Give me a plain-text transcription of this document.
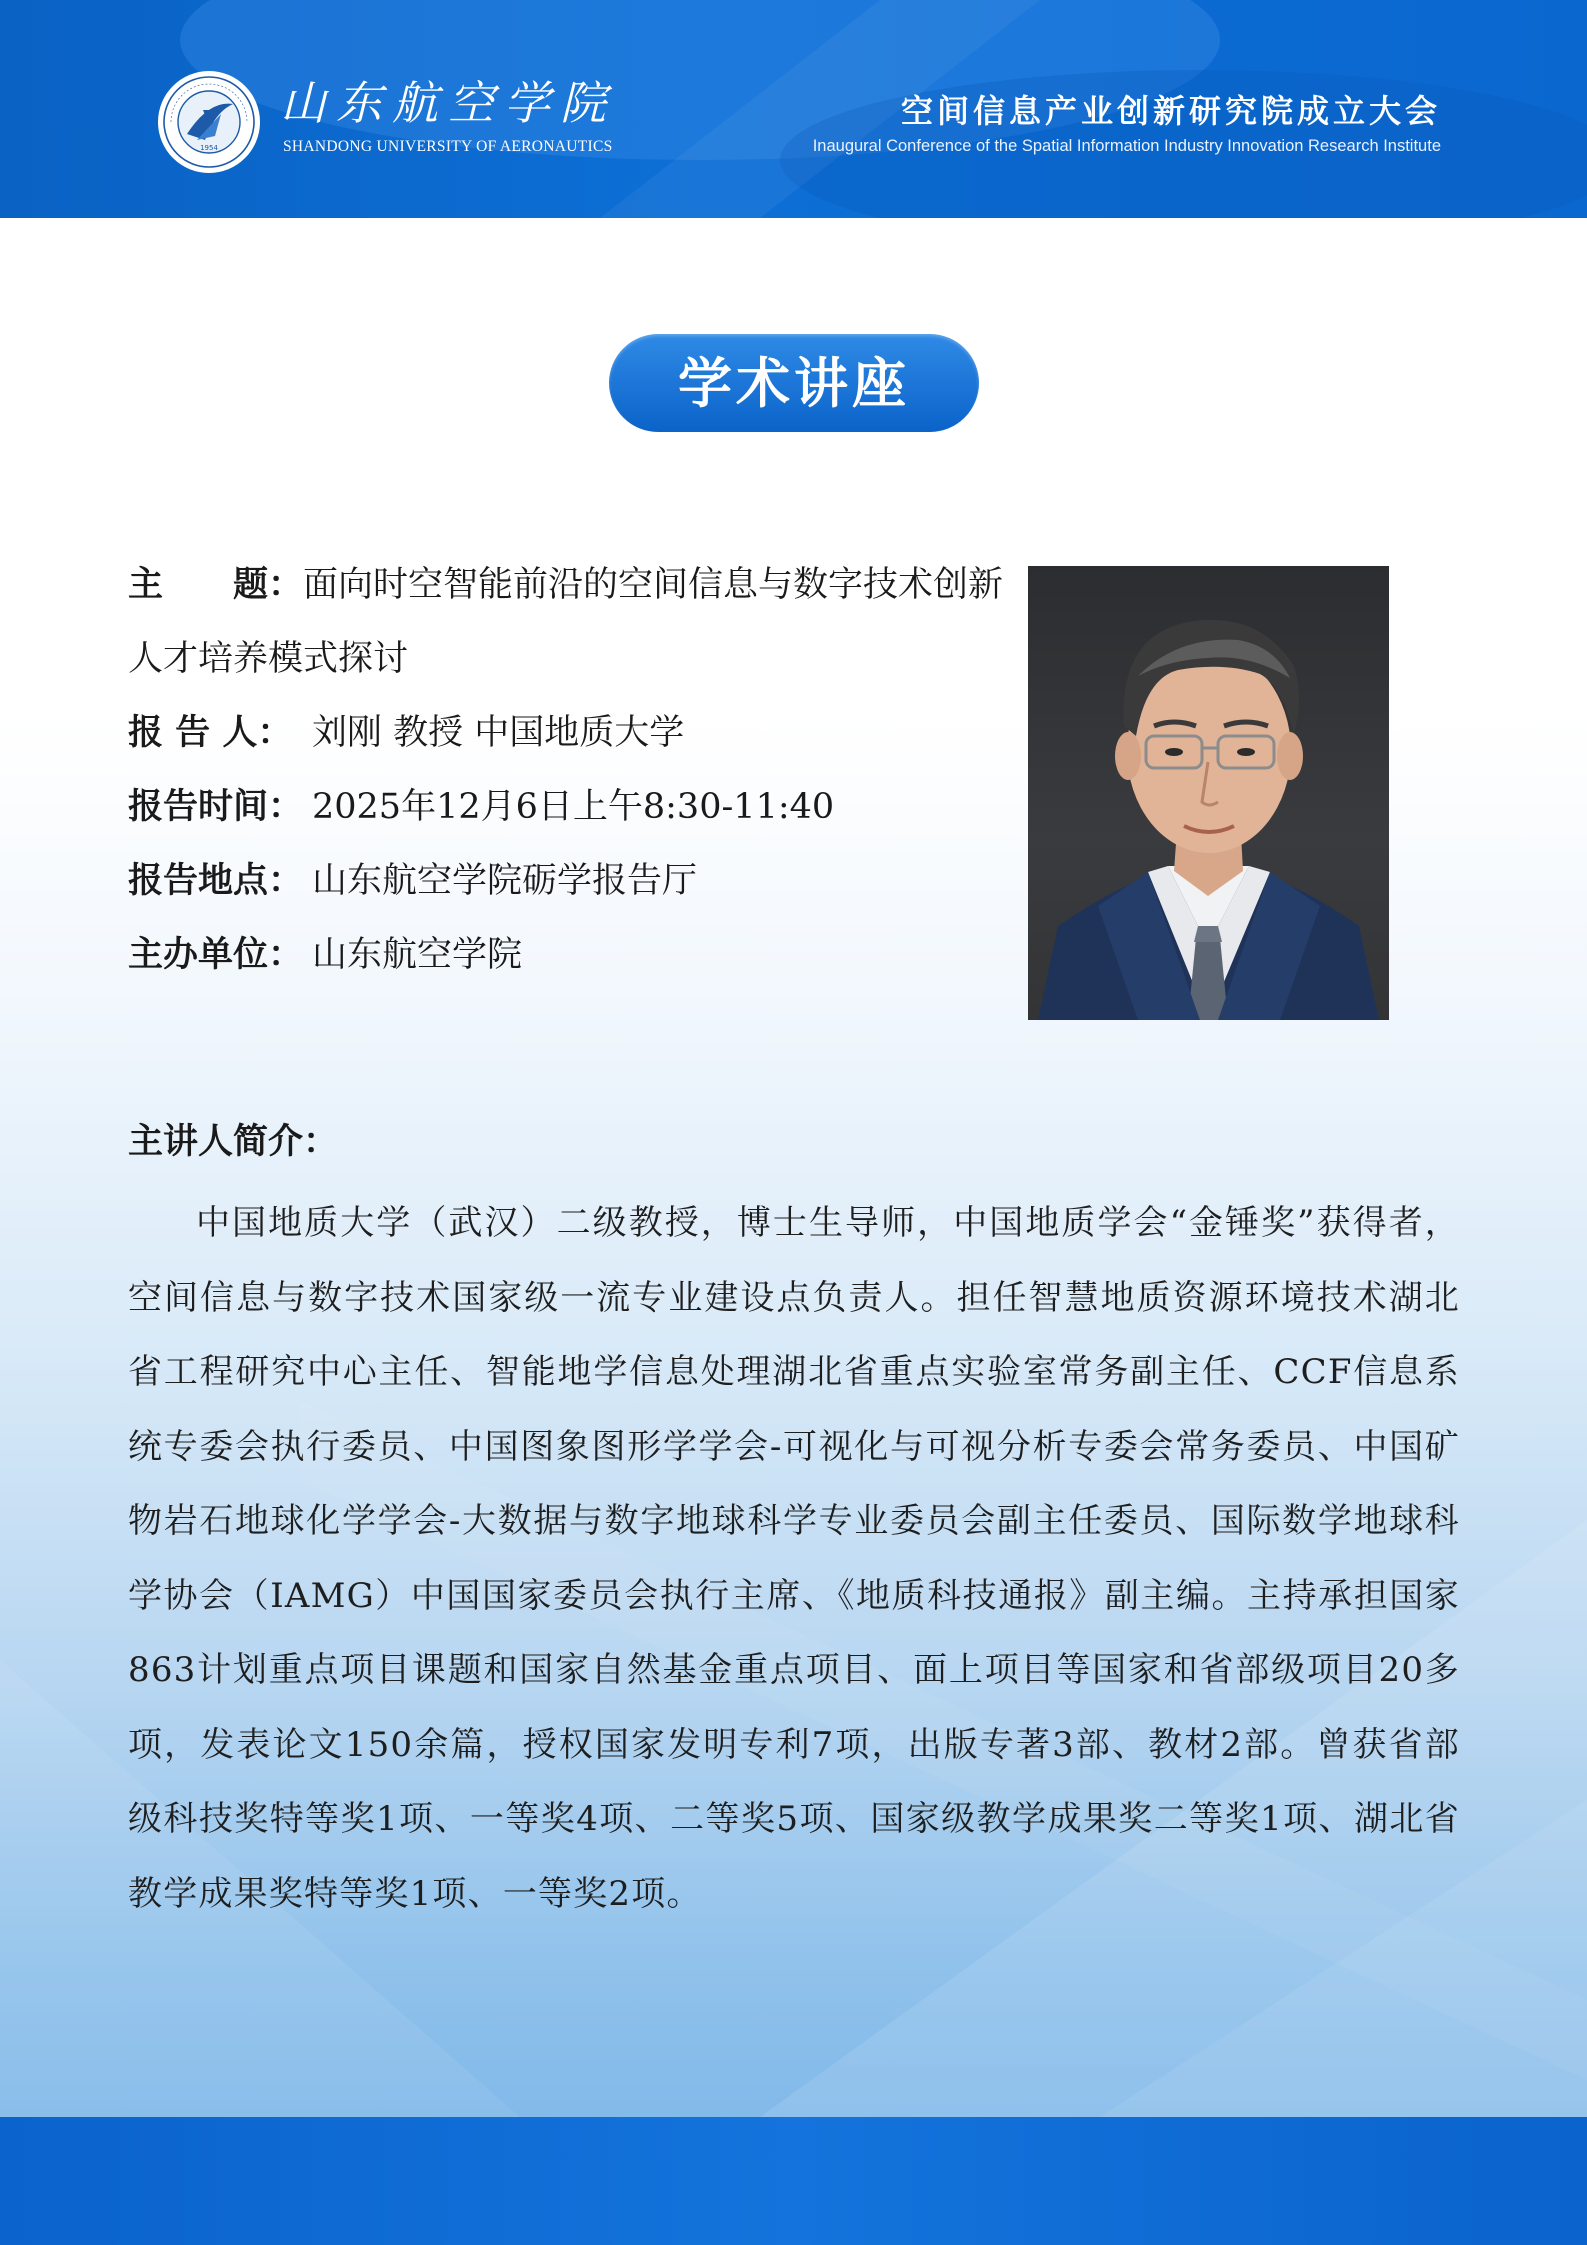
1954
山东航空学院
SHANDONG UNIVERSITY OF AERONAUTICS
空间信息产业创新研究院成立大会
Inaugural Conference of the Spatial Information Industry Innovation Research Institute
学术讲座
主　　题：面向时空智能前沿的空间信息与数字技术创新人才培养模式探讨
报 告 人： 刘刚 教授 中国地质大学
报告时间： 2025年12月6日上午8:30-11:40
报告地点： 山东航空学院砺学报告厅
主办单位： 山东航空学院
主讲人简介：

中国地质大学（武汉）二级教授，博士生导师，中国地质学会“金锤奖”获得者，空间信息与数字技术国家级一流专业建设点负责人。担任智慧地质资源环境技术湖北省工程研究中心主任、智能地学信息处理湖北省重点实验室常务副主任、CCF信息系统专委会执行委员、中国图象图形学学会-可视化与可视分析专委会常务委员、中国矿物岩石地球化学学会-大数据与数字地球科学专业委员会副主任委员、国际数学地球科学协会（IAMG）中国国家委员会执行主席、《地质科技通报》副主编。主持承担国家863计划重点项目课题和国家自然基金重点项目、面上项目等国家和省部级项目20多项，发表论文150余篇，授权国家发明专利7项，出版专著3部、教材2部。曾获省部级科技奖特等奖1项、一等奖4项、二等奖5项、国家级教学成果奖二等奖1项、湖北省教学成果奖特等奖1项、一等奖2项。
